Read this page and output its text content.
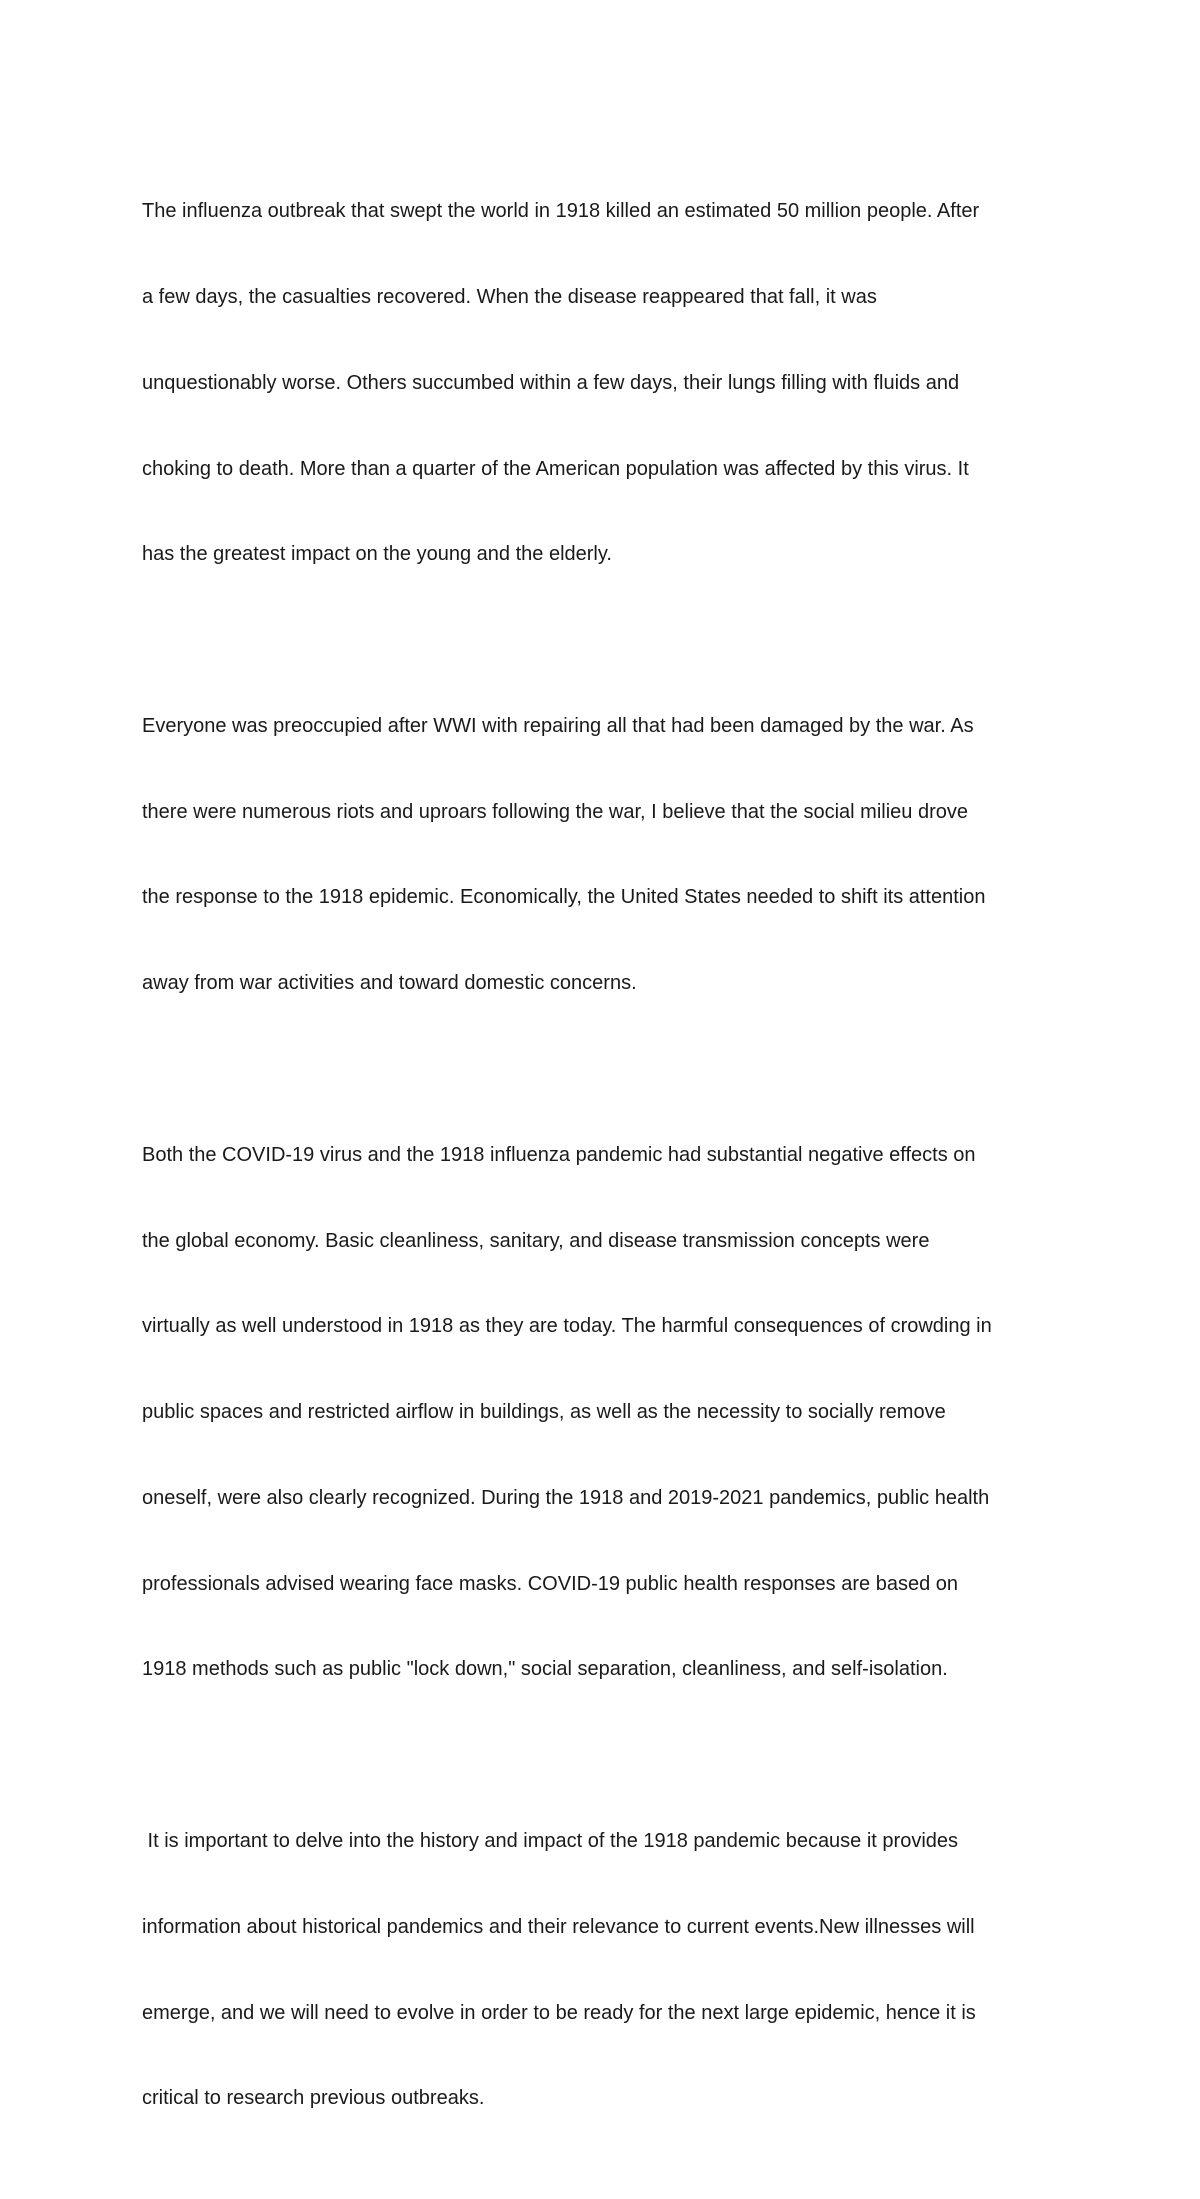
The influenza outbreak that swept the world in 1918 killed an estimated 50 million people. After

a few days, the casualties recovered. When the disease reappeared that fall, it was

unquestionably worse. Others succumbed within a few days, their lungs filling with fluids and

choking to death. More than a quarter of the American population was affected by this virus. It

has the greatest impact on the young and the elderly.

Everyone was preoccupied after WWI with repairing all that had been damaged by the war. As

there were numerous riots and uproars following the war, I believe that the social milieu drove

the response to the 1918 epidemic. Economically, the United States needed to shift its attention

away from war activities and toward domestic concerns.

Both the COVID-19 virus and the 1918 influenza pandemic had substantial negative effects on

the global economy. Basic cleanliness, sanitary, and disease transmission concepts were

virtually as well understood in 1918 as they are today. The harmful consequences of crowding in

public spaces and restricted airflow in buildings, as well as the necessity to socially remove

oneself, were also clearly recognized. During the 1918 and 2019-2021 pandemics, public health

professionals advised wearing face masks. COVID-19 public health responses are based on

1918 methods such as public "lock down," social separation, cleanliness, and self-isolation.

It is important to delve into the history and impact of the 1918 pandemic because it provides

information about historical pandemics and their relevance to current events.New illnesses will

emerge, and we will need to evolve in order to be ready for the next large epidemic, hence it is

critical to research previous outbreaks.
